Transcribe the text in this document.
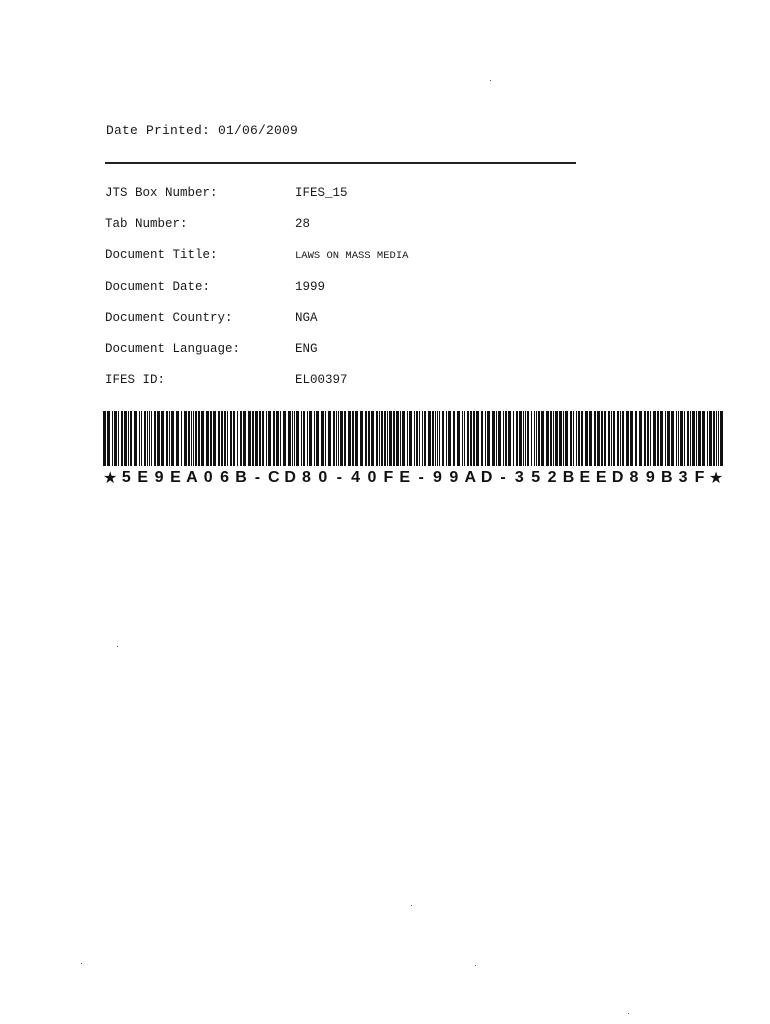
Date Printed: 01/06/2009
JTS Box Number:	IFES_15
Tab Number:	28
Document Title:	LAWS ON MASS MEDIA
Document Date:	1999
Document Country:	NGA
Document Language:	ENG
IFES ID:	EL00397
★ 5 E 9 E A 0 6 B - C D 8 0 - 4 0 F E - 9 9 A D - 3 5 2 B E E D 8 9 B 3 F ★
